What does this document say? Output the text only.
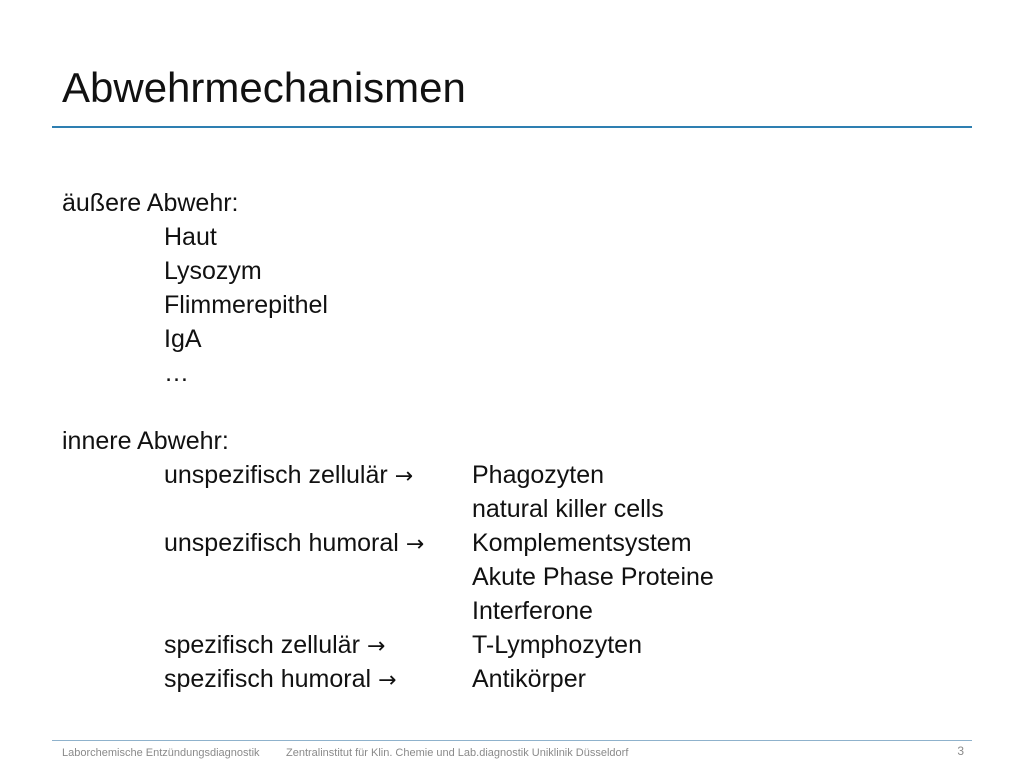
Abwehrmechanismen
äußere Abwehr:
Haut
Lysozym
Flimmerepithel
IgA
…
innere Abwehr:
unspezifisch zellulär → Phagozyten
natural killer cells
unspezifisch humoral → Komplementsystem
Akute Phase Proteine
Interferone
spezifisch zellulär →	T-Lymphozyten
spezifisch humoral →	Antikörper
Laborchemische Entzündungsdiagnostik Zentralinstitut für Klin. Chemie und Lab.diagnostik Uniklinik Düsseldorf	3
